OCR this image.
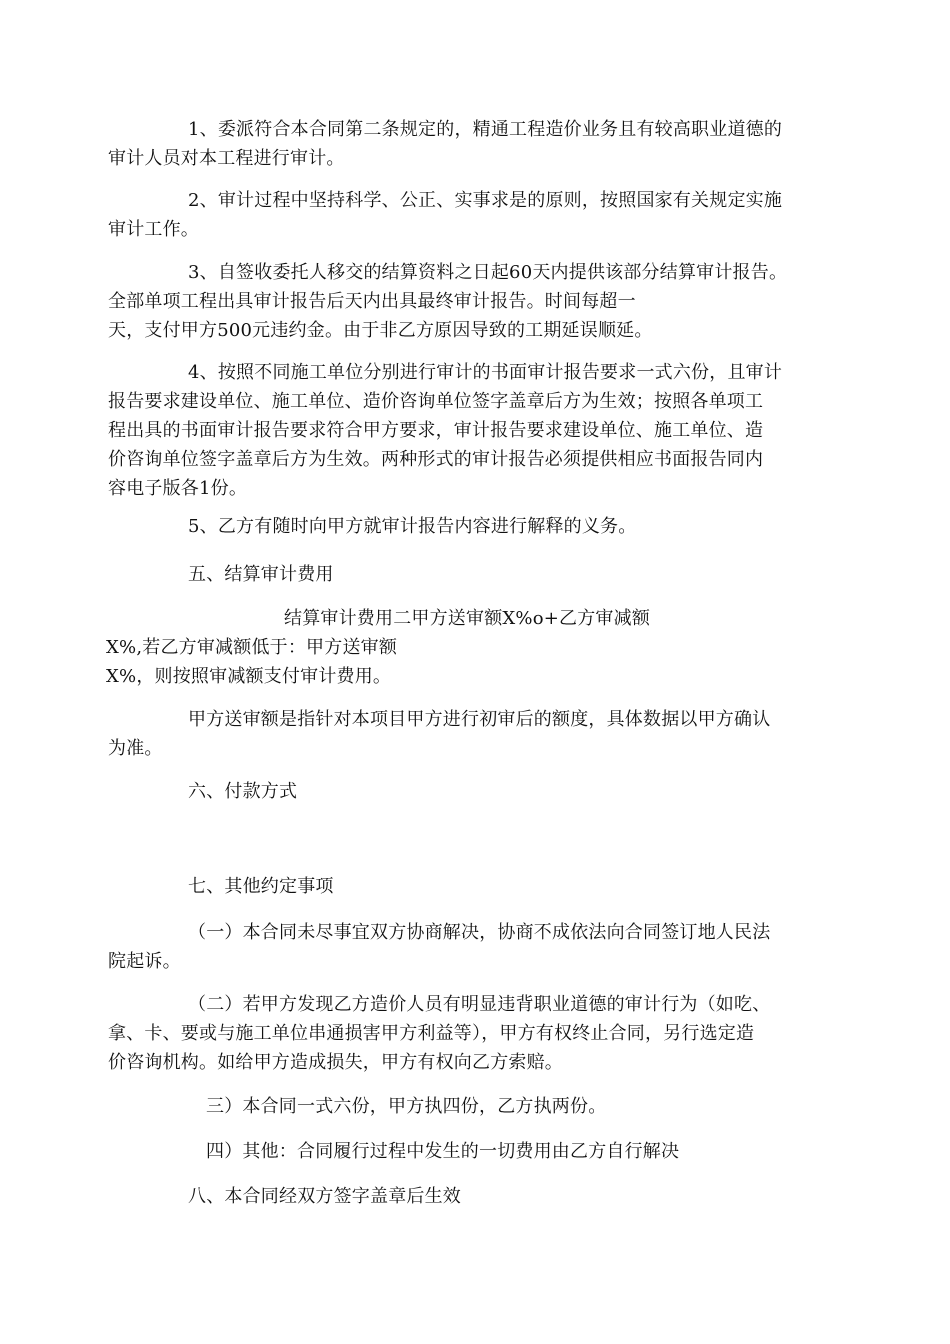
1、委派符合本合同第二条规定的，精通工程造价业务且有较高职业道德的
审计人员对本工程进行审计。

2、审计过程中坚持科学、公正、实事求是的原则，按照国家有关规定实施
审计工作。

3、自签收委托人移交的结算资料之日起60天内提供该部分结算审计报告。
全部单项工程出具审计报告后天内出具最终审计报告。时间每超一
天，支付甲方500元违约金。由于非乙方原因导致的工期延误顺延。

4、按照不同施工单位分别进行审计的书面审计报告要求一式六份，且审计
报告要求建设单位、施工单位、造价咨询单位签字盖章后方为生效；按照各单项工
程出具的书面审计报告要求符合甲方要求，审计报告要求建设单位、施工单位、造
价咨询单位签字盖章后方为生效。两种形式的审计报告必须提供相应书面报告同内
容电子版各1份。

5、乙方有随时向甲方就审计报告内容进行解释的义务。

五、结算审计费用

结算审计费用二甲方送审额X%o+乙方审减额
X%,若乙方审减额低于：甲方送审额
X%，则按照审减额支付审计费用。

甲方送审额是指针对本项目甲方进行初审后的额度，具体数据以甲方确认
为准。

六、付款方式

七、其他约定事项

（一）本合同未尽事宜双方协商解决，协商不成依法向合同签订地人民法
院起诉。

（二）若甲方发现乙方造价人员有明显违背职业道德的审计行为（如吃、
拿、卡、要或与施工单位串通损害甲方利益等），甲方有权终止合同，另行选定造
价咨询机构。如给甲方造成损失，甲方有权向乙方索赔。

三）本合同一式六份，甲方执四份，乙方执两份。

四）其他：合同履行过程中发生的一切费用由乙方自行解决

八、本合同经双方签字盖章后生效
